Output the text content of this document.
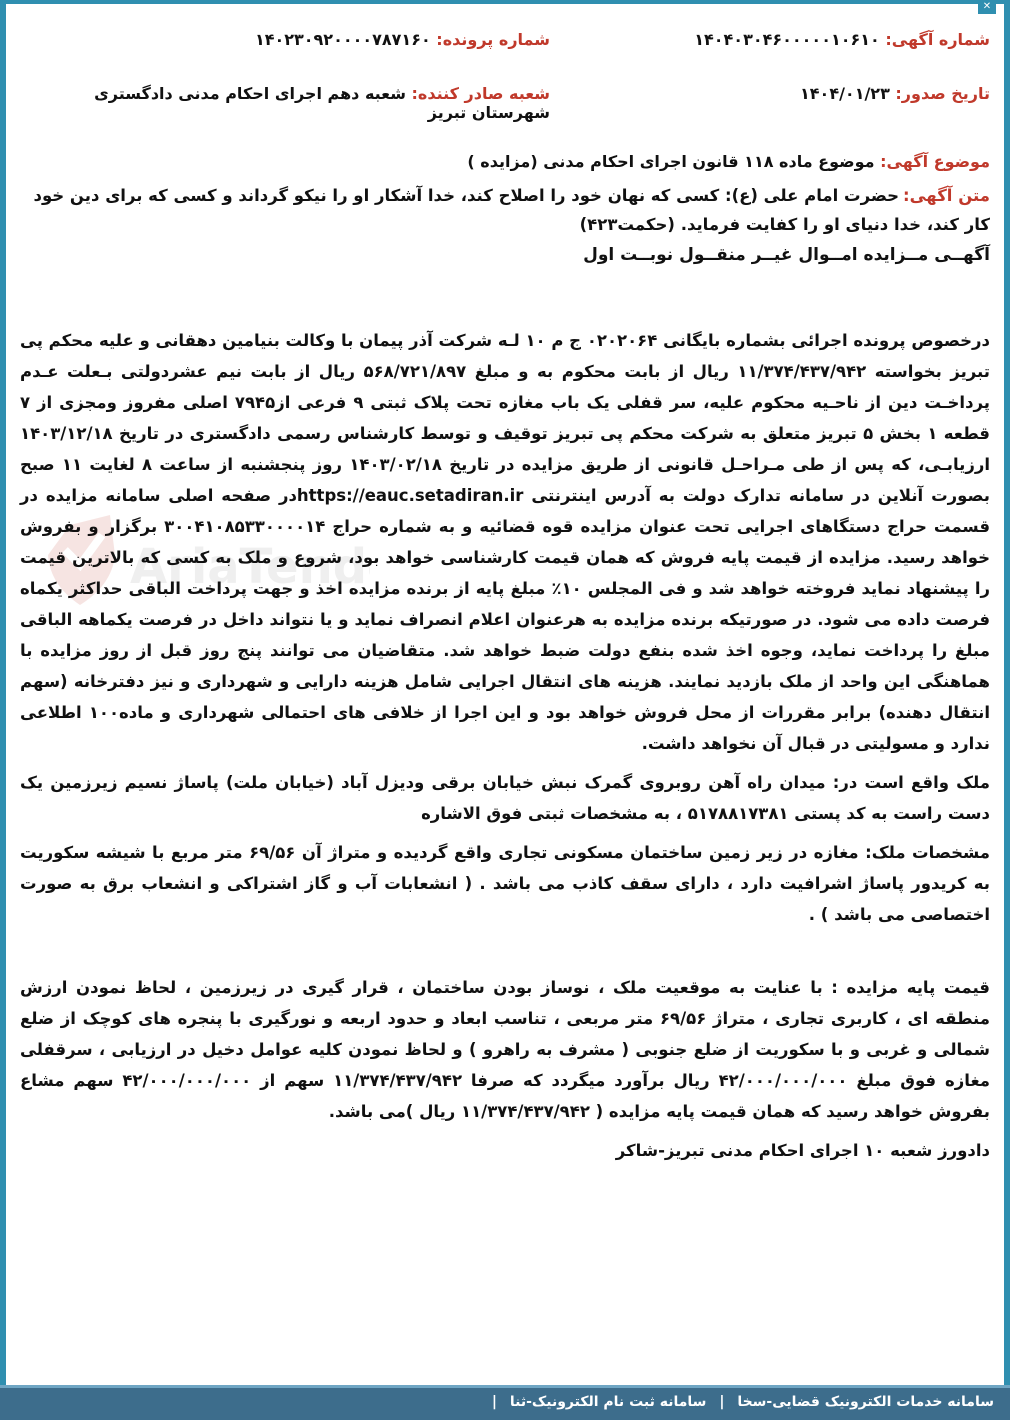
✕
AriaTend
شماره آگهی: ۱۴۰۴۰۳۰۴۶۰۰۰۰۰۱۰۶۱۰
شماره پرونده: ۱۴۰۲۳۰۹۲۰۰۰۰۷۸۷۱۶۰
تاریخ صدور: ۱۴۰۴/۰۱/۲۳
شعبه صادر کننده: شعبه دهم اجرای احکام مدنی دادگستری شهرستان تبریز
موضوع آگهی: موضوع ماده ۱۱۸ قانون اجرای احکام مدنی (مزایده )
متن آگهی:
حضرت امام علی (ع): کسی که نهان خود را اصلاح کند، خدا آشکار او را نیکو گرداند و کسی که برای دین خود کار کند، خدا دنیای او را کفایت فرماید. (حکمت۴۲۳)
آگهــی مــزایده امــوال غیــر منقــول نوبــت اول

درخصوص پرونده اجرائی بشماره بایگانی ۰۲۰۲۰۶۴ ج م ۱۰ لـه شرکت آذر پیمان با وکالت بنیامین دهقانی و علیه محکم پی تبریز بخواسته ۱۱/۳۷۴/۴۳۷/۹۴۲ ریال از بابت محکوم به و مبلغ ۵۶۸/۷۲۱/۸۹۷ ریال از بابت نیم عشردولتی بـعلت عـدم پرداخـت دین از ناحـیه محکوم علیه، سر قفلی یک باب مغازه تحت پلاک ثبتی ۹ فرعی از۷۹۴۵ اصلی مفروز ومجزی از ۷ قطعه ۱ بخش ۵ تبریز متعلق به شرکت محکم پی تبریز توقیف و توسط کارشناس رسمی دادگستری در تاریخ ۱۴۰۳/۱۲/۱۸ ارزیابـی، که پس از طی مـراحـل قانونی از طریق مزایده در تاریخ ۱۴۰۳/۰۲/۱۸ روز پنجشنبه از ساعت ۸ لغایت ۱۱ صبح بصورت آنلاین در سامانه تدارک دولت به آدرس اینترنتی https://eauc.setadiran.irدر صفحه اصلی سامانه مزایده در قسمت حراج دستگاهای اجرایی تحت عنوان مزایده قوه قضائیه و به شماره حراج ۳۰۰۴۱۰۸۵۳۳۰۰۰۰۱۴ برگزار و بفروش خواهد رسید. مزایده از قیمت پایه فروش که همان قیمت کارشناسی خواهد بود، شروع و ملک به کسی که بالاترین قیمت را پیشنهاد نماید فروخته خواهد شد و فی المجلس ۱۰٪ مبلغ پایه از برنده مزایده اخذ و جهت پرداخت الباقی حداکثر یکماه فرصت داده می شود. در صورتیکه برنده مزایده به هرعنوان اعلام انصراف نماید و یا نتواند داخل در فرصت یکماهه الباقی مبلغ را پرداخت نماید، وجوه اخذ شده بنفع دولت ضبط خواهد شد. متقاضیان می توانند پنج روز قبل از روز مزایده با هماهنگی این واحد از ملک بازدید نمایند. هزینه های انتقال اجرایی شامل هزینه دارایی و شهرداری و نیز دفترخانه (سهم انتقال دهنده) برابر مقررات از محل فروش خواهد بود و این اجرا از خلافی های احتمالی شهرداری و ماده۱۰۰ اطلاعی ندارد و مسولیتی در قبال آن نخواهد داشت.

ملک واقع است در: میدان راه آهن روبروی گمرک نبش خیابان برقی ودیزل آباد (خیابان ملت) پاساژ نسیم زیرزمین یک دست راست به کد پستی ۵۱۷۸۸۱۷۳۸۱ ، به مشخصات ثبتی فوق الاشاره

مشخصات ملک: مغازه در زیر زمین ساختمان مسکونی تجاری واقع گردیده و متراژ آن ۶۹/۵۶ متر مربع با شیشه سکوریت به کریدور پاساژ اشرافیت دارد ، دارای سقف کاذب می باشد . ( انشعابات آب و گاز اشتراکی و انشعاب برق به صورت اختصاصی می باشد ) .

قیمت پایه مزایده : با عنایت به موقعیت ملک ، نوساز بودن ساختمان ، قرار گیری در زیرزمین ، لحاظ نمودن ارزش منطقه ای ، کاربری تجاری ، متراژ ۶۹/۵۶ متر مربعی ، تناسب ابعاد و حدود اربعه و نورگیری با پنجره های کوچک از ضلع شمالی و غربی و با سکوریت از ضلع جنوبی ( مشرف به راهرو ) و لحاظ نمودن کلیه عوامل دخیل در ارزیابی ، سرقفلی مغازه فوق مبلغ ۴۲/۰۰۰/۰۰۰/۰۰۰ ریال برآورد میگردد که صرفا ۱۱/۳۷۴/۴۳۷/۹۴۲ سهم از ۴۲/۰۰۰/۰۰۰/۰۰۰ سهم مشاع بفروش خواهد رسید که همان قیمت پایه مزایده ( ۱۱/۳۷۴/۴۳۷/۹۴۲ ریال )می باشد.

دادورز شعبه ۱۰ اجرای احکام مدنی تبریز-شاکر

سامانه خدمات الکترونیک قضایی-سخا | سامانه ثبت نام الکترونیک-ثنا |
